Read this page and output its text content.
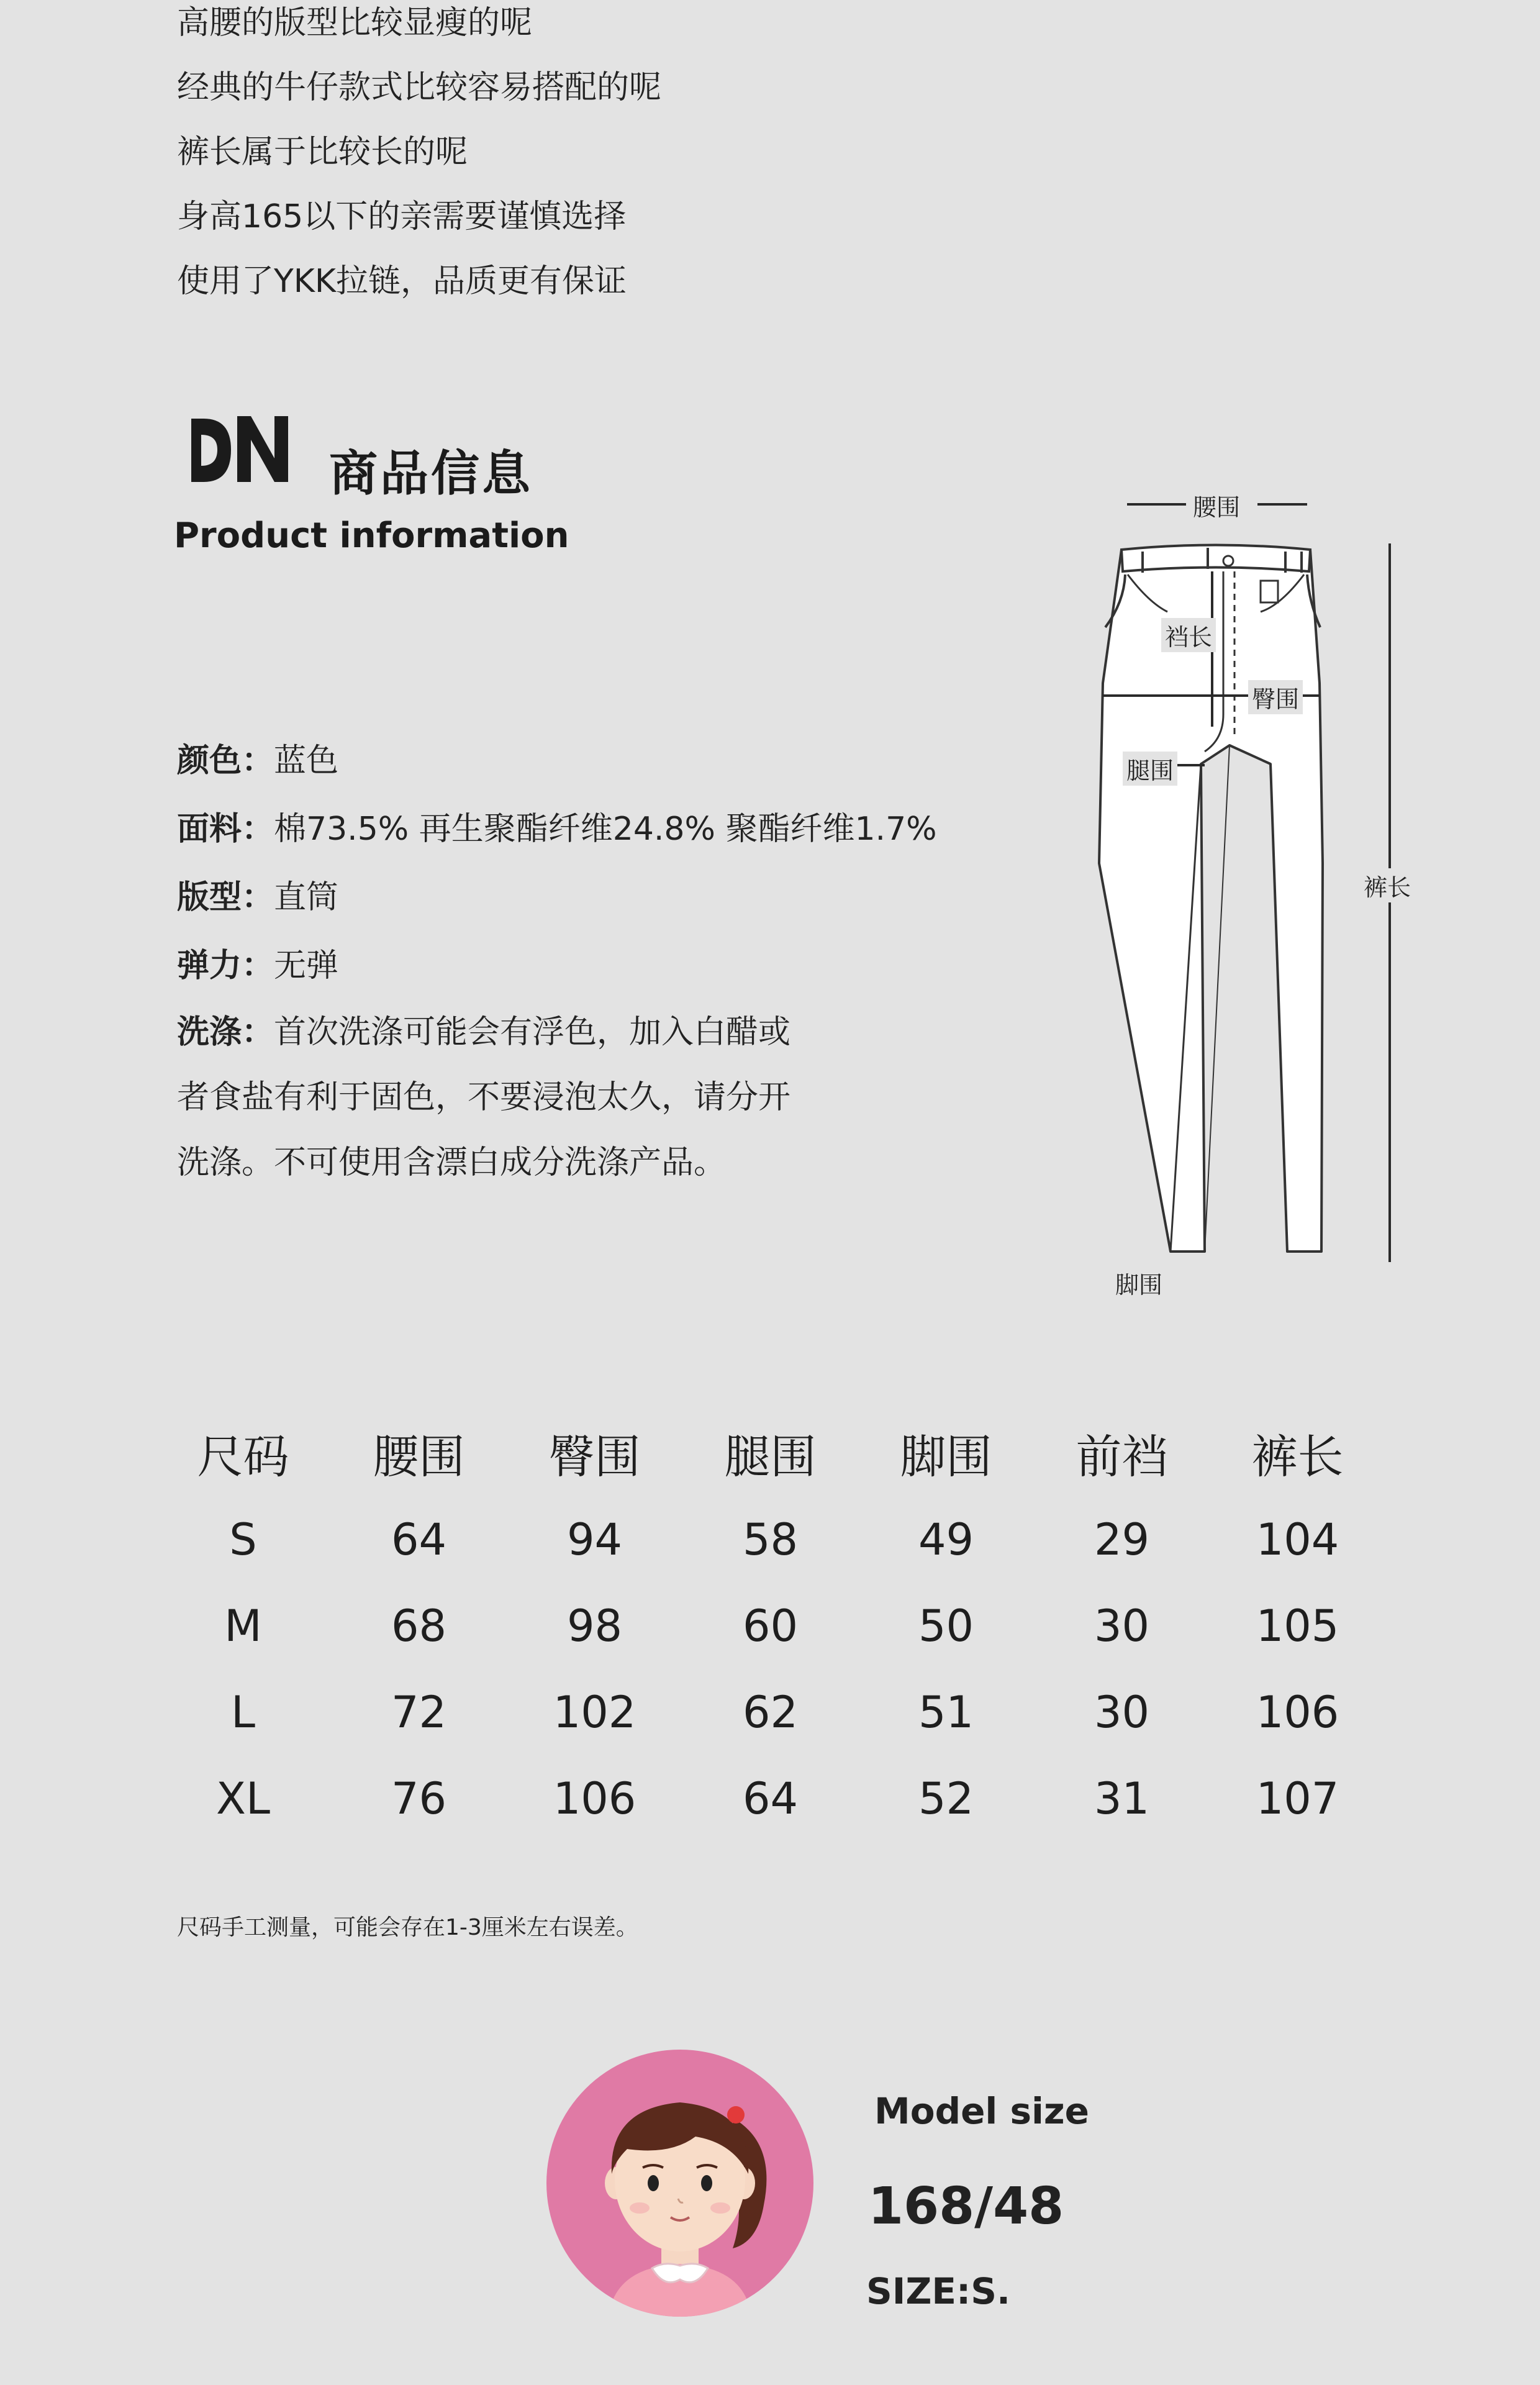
高腰的版型比较显瘦的呢
经典的牛仔款式比较容易搭配的呢
裤长属于比较长的呢
身高165以下的亲需要谨慎选择
使用了YKK拉链，品质更有保证
商品信息
Product information
颜色：蓝色
面料：棉73.5% 再生聚酯纤维24.8% 聚酯纤维1.7%
版型：直筒
弹力：无弹
洗涤：首次洗涤可能会有浮色，加入白醋或
者食盐有利于固色，不要浸泡太久，请分开
洗涤。不可使用含漂白成分洗涤产品。
腰围
裆长
臀围
腿围
裤长
脚围
尺码	腰围	臀围	腿围	脚围	前裆	裤长
S	64	94	58	49	29	104
M	68	98	60	50	30	105
L	72	102	62	51	30	106
XL	76	106	64	52	31	107
尺码手工测量，可能会存在1-3厘米左右误差。
Model size
168/48
SIZE:S.
